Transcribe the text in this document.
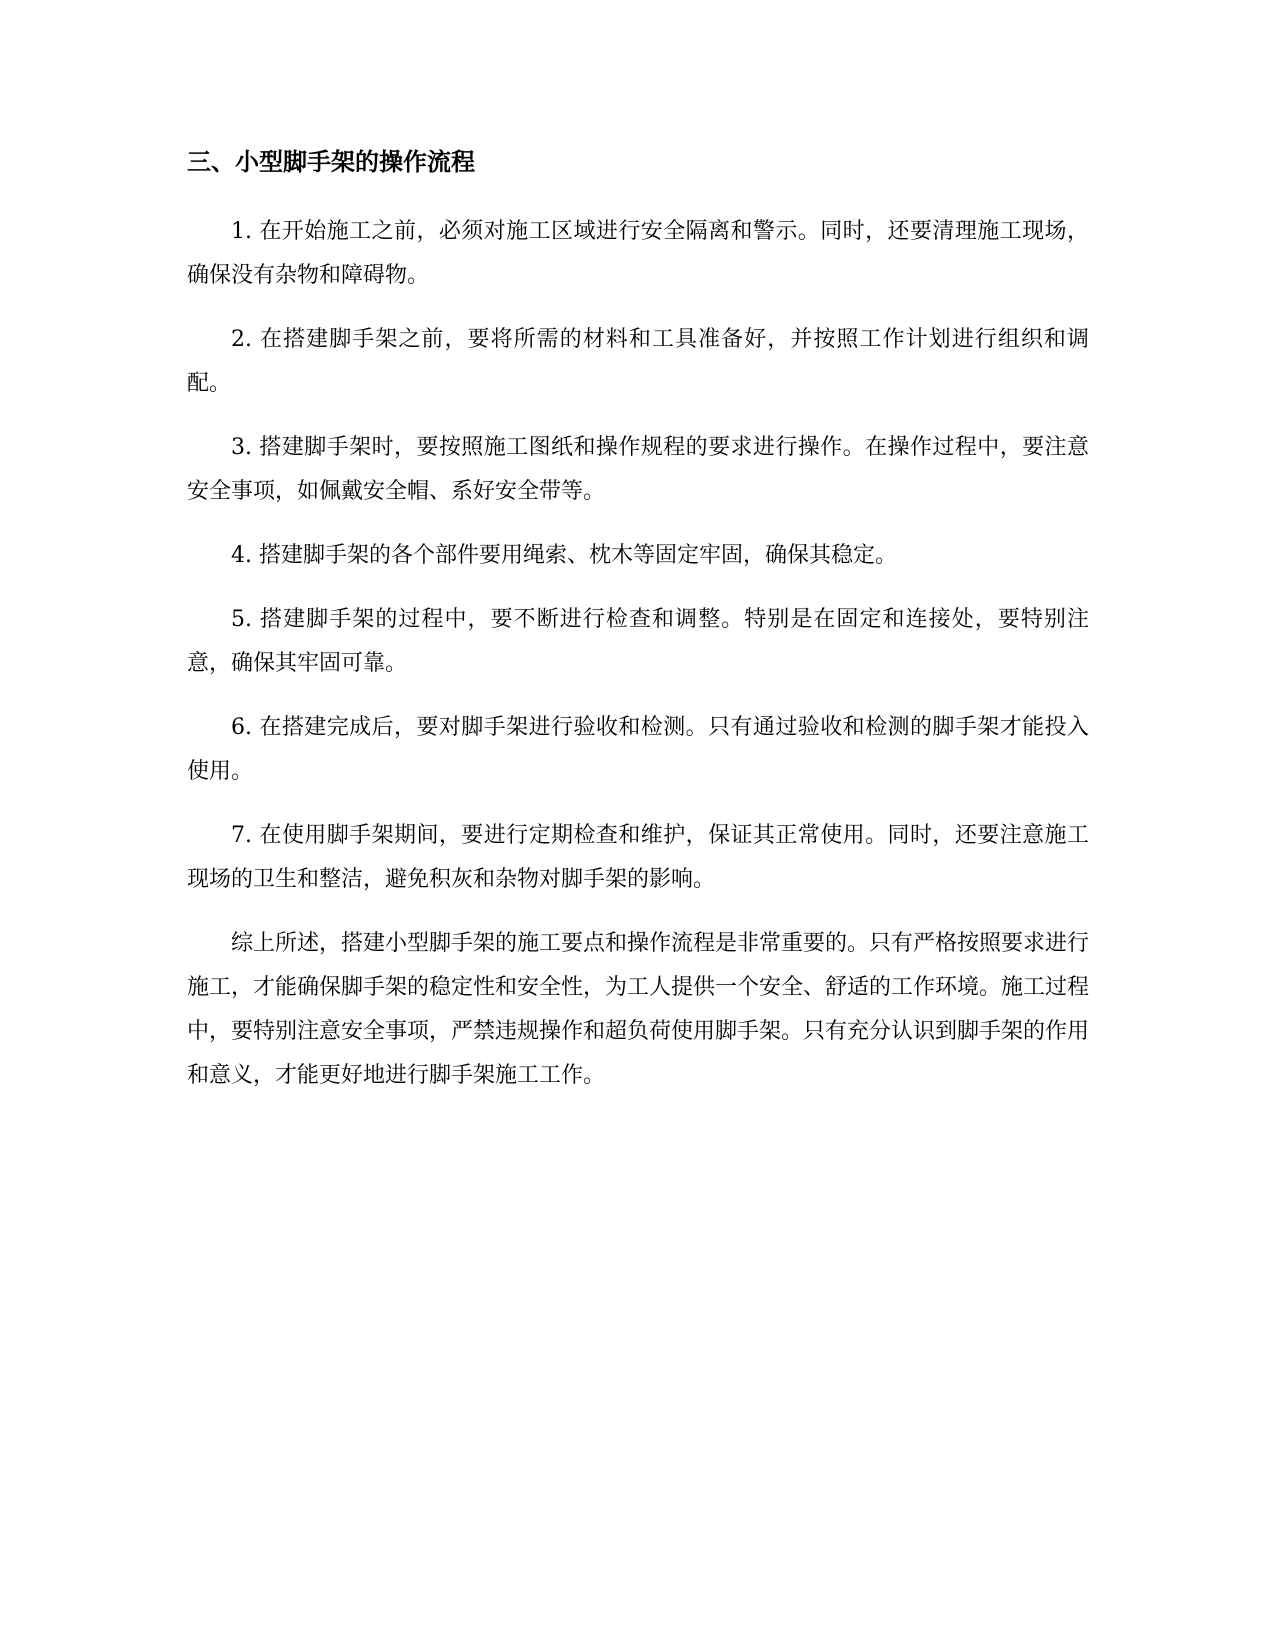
三、小型脚手架的操作流程

1. 在开始施工之前，必须对施工区域进行安全隔离和警示。同时，还要清理施工现场，确保没有杂物和障碍物。

2. 在搭建脚手架之前，要将所需的材料和工具准备好，并按照工作计划进行组织和调配。

3. 搭建脚手架时，要按照施工图纸和操作规程的要求进行操作。在操作过程中，要注意安全事项，如佩戴安全帽、系好安全带等。

4. 搭建脚手架的各个部件要用绳索、枕木等固定牢固，确保其稳定。

5. 搭建脚手架的过程中，要不断进行检查和调整。特别是在固定和连接处，要特别注意，确保其牢固可靠。

6. 在搭建完成后，要对脚手架进行验收和检测。只有通过验收和检测的脚手架才能投入使用。

7. 在使用脚手架期间，要进行定期检查和维护，保证其正常使用。同时，还要注意施工现场的卫生和整洁，避免积灰和杂物对脚手架的影响。

综上所述，搭建小型脚手架的施工要点和操作流程是非常重要的。只有严格按照要求进行施工，才能确保脚手架的稳定性和安全性，为工人提供一个安全、舒适的工作环境。施工过程中，要特别注意安全事项，严禁违规操作和超负荷使用脚手架。只有充分认识到脚手架的作用和意义，才能更好地进行脚手架施工工作。
